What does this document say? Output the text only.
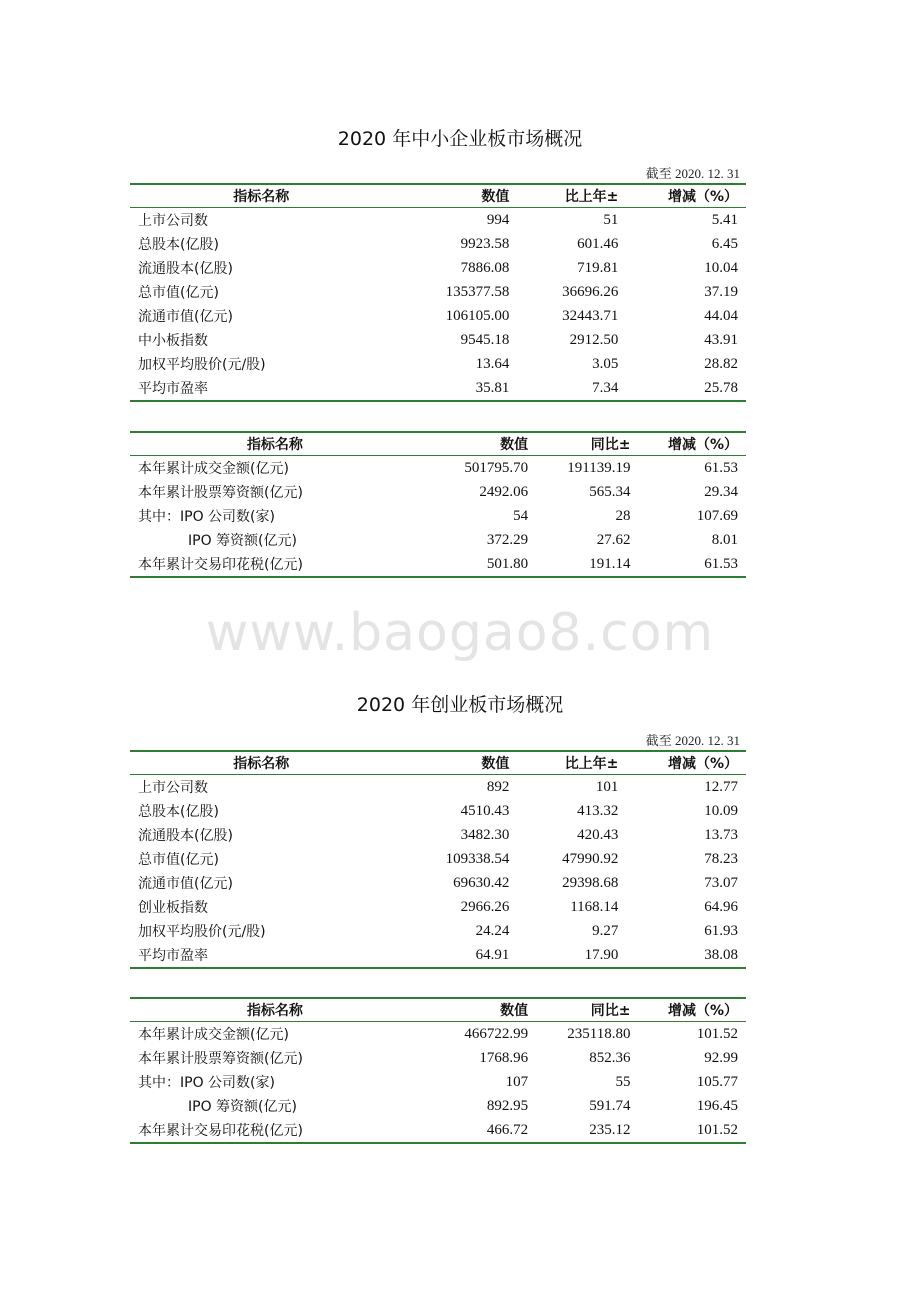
2020 年中小企业板市场概况
截至 2020. 12. 31
指标名称	数值	比上年±	增减（%）
上市公司数	994	51	5.41
总股本(亿股)	9923.58	601.46	6.45
流通股本(亿股)	7886.08	719.81	10.04
总市值(亿元)	135377.58	36696.26	37.19
流通市值(亿元)	106105.00	32443.71	44.04
中小板指数	9545.18	2912.50	43.91
加权平均股价(元/股)	13.64	3.05	28.82
平均市盈率	35.81	7.34	25.78
指标名称	数值	同比±	增减（%）
本年累计成交金额(亿元)	501795.70	191139.19	61.53
本年累计股票筹资额(亿元)	2492.06	565.34	29.34
其中：IPO 公司数(家)	54	28	107.69
IPO 筹资额(亿元)	372.29	27.62	8.01
本年累计交易印花税(亿元)	501.80	191.14	61.53
www.baogao8.com
2020 年创业板市场概况
截至 2020. 12. 31
指标名称	数值	比上年±	增减（%）
上市公司数	892	101	12.77
总股本(亿股)	4510.43	413.32	10.09
流通股本(亿股)	3482.30	420.43	13.73
总市值(亿元)	109338.54	47990.92	78.23
流通市值(亿元)	69630.42	29398.68	73.07
创业板指数	2966.26	1168.14	64.96
加权平均股价(元/股)	24.24	9.27	61.93
平均市盈率	64.91	17.90	38.08
指标名称	数值	同比±	增减（%）
本年累计成交金额(亿元)	466722.99	235118.80	101.52
本年累计股票筹资额(亿元)	1768.96	852.36	92.99
其中：IPO 公司数(家)	107	55	105.77
IPO 筹资额(亿元)	892.95	591.74	196.45
本年累计交易印花税(亿元)	466.72	235.12	101.52
